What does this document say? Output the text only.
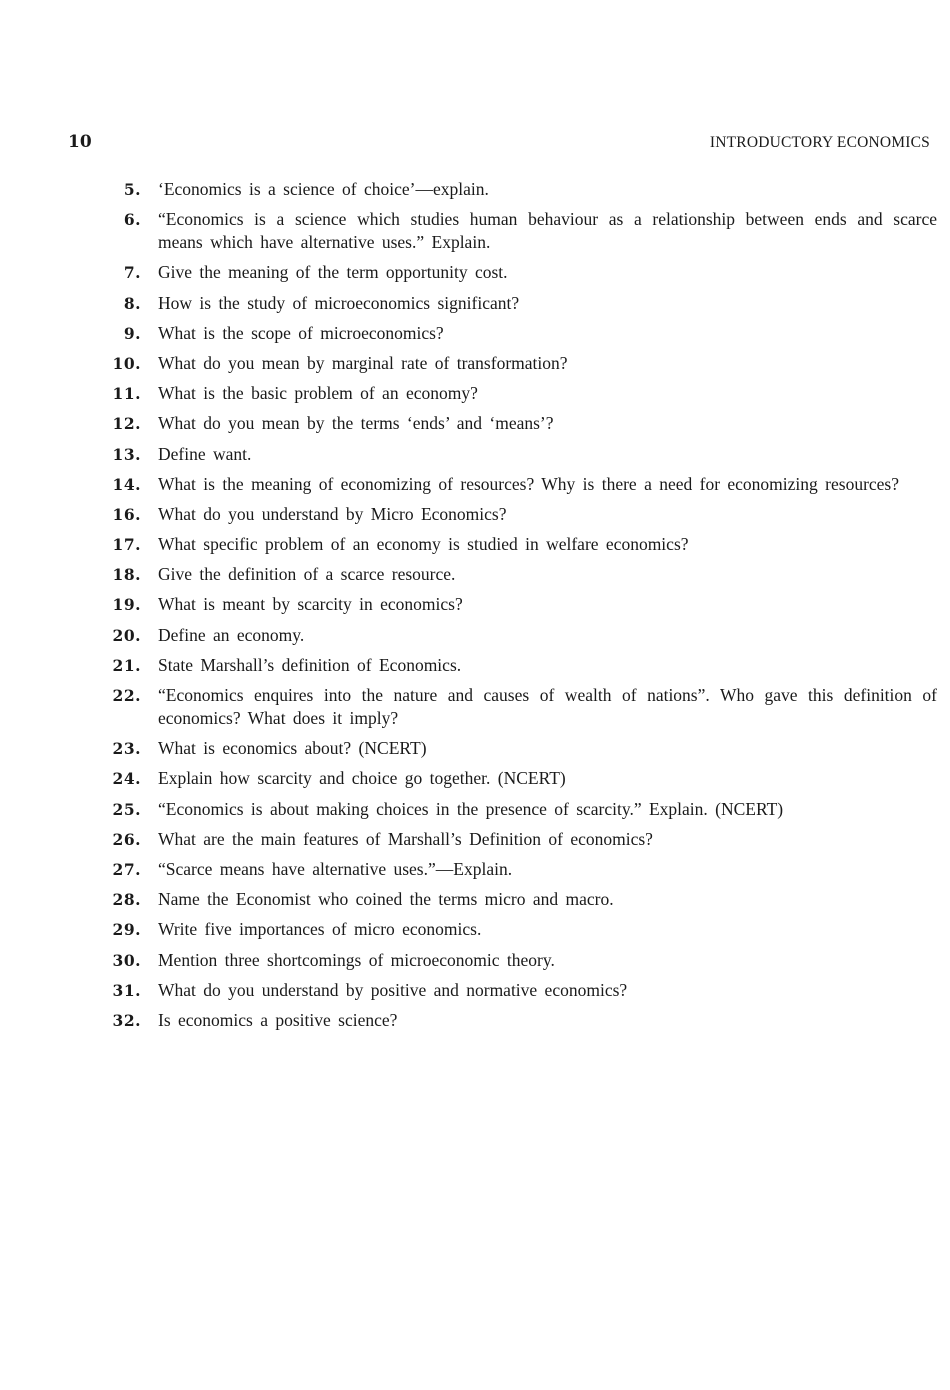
10	INTRODUCTORY ECONOMICS
5. ‘Economics is a science of choice’—explain.
6. “Economics is a science which studies human behaviour as a relationship between ends and scarce means which have alternative uses.” Explain.
7. Give the meaning of the term opportunity cost.
8. How is the study of microeconomics significant?
9. What is the scope of microeconomics?
10. What do you mean by marginal rate of transformation?
11. What is the basic problem of an economy?
12. What do you mean by the terms ‘ends’ and ‘means’?
13. Define want.
14. What is the meaning of economizing of resources? Why is there a need for economizing resources?
16. What do you understand by Micro Economics?
17. What specific problem of an economy is studied in welfare economics?
18. Give the definition of a scarce resource.
19. What is meant by scarcity in economics?
20. Define an economy.
21. State Marshall’s definition of Economics.
22. “Economics enquires into the nature and causes of wealth of nations”. Who gave this definition of economics? What does it imply?
23. What is economics about? (NCERT)
24. Explain how scarcity and choice go together. (NCERT)
25. “Economics is about making choices in the presence of scarcity.” Explain. (NCERT)
26. What are the main features of Marshall’s Definition of economics?
27. “Scarce means have alternative uses.”—Explain.
28. Name the Economist who coined the terms micro and macro.
29. Write five importances of micro economics.
30. Mention three shortcomings of microeconomic theory.
31. What do you understand by positive and normative economics?
32. Is economics a positive science?
